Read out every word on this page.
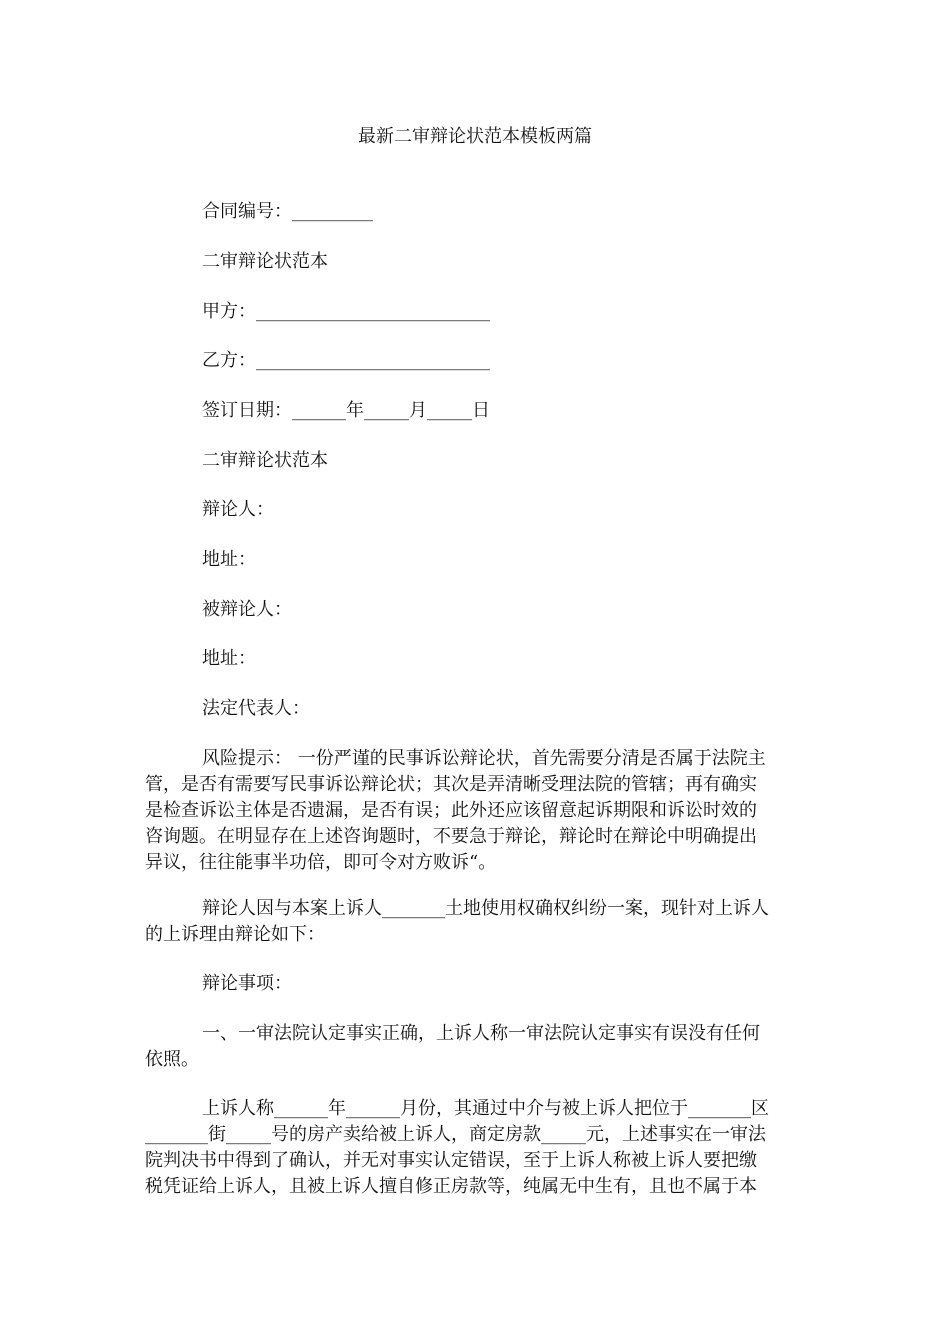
最新二审辩论状范本模板两篇
合同编号：_________
二审辩论状范本
甲方：__________________________
乙方：__________________________
签订日期：______年_____月_____日
二审辩论状范本
辩论人：
地址：
被辩论人：
地址：
法定代表人：
风险提示： 一份严谨的民事诉讼辩论状，首先需要分清是否属于法院主
管，是否有需要写民事诉讼辩论状；其次是弄清晰受理法院的管辖；再有确实
是检查诉讼主体是否遗漏，是否有误；此外还应该留意起诉期限和诉讼时效的
咨询题。在明显存在上述咨询题时，不要急于辩论，辩论时在辩论中明确提出
异议，往往能事半功倍，即可令对方败诉“。
辩论人因与本案上诉人_______土地使用权确权纠纷一案，现针对上诉人
的上诉理由辩论如下：
辩论事项：
一、一审法院认定事实正确，上诉人称一审法院认定事实有误没有任何
依照。
上诉人称______年______月份，其通过中介与被上诉人把位于_______区
_______街_____号的房产卖给被上诉人，商定房款_____元，上述事实在一审法
院判决书中得到了确认，并无对事实认定错误，至于上诉人称被上诉人要把缴
税凭证给上诉人，且被上诉人擅自修正房款等，纯属无中生有，且也不属于本
